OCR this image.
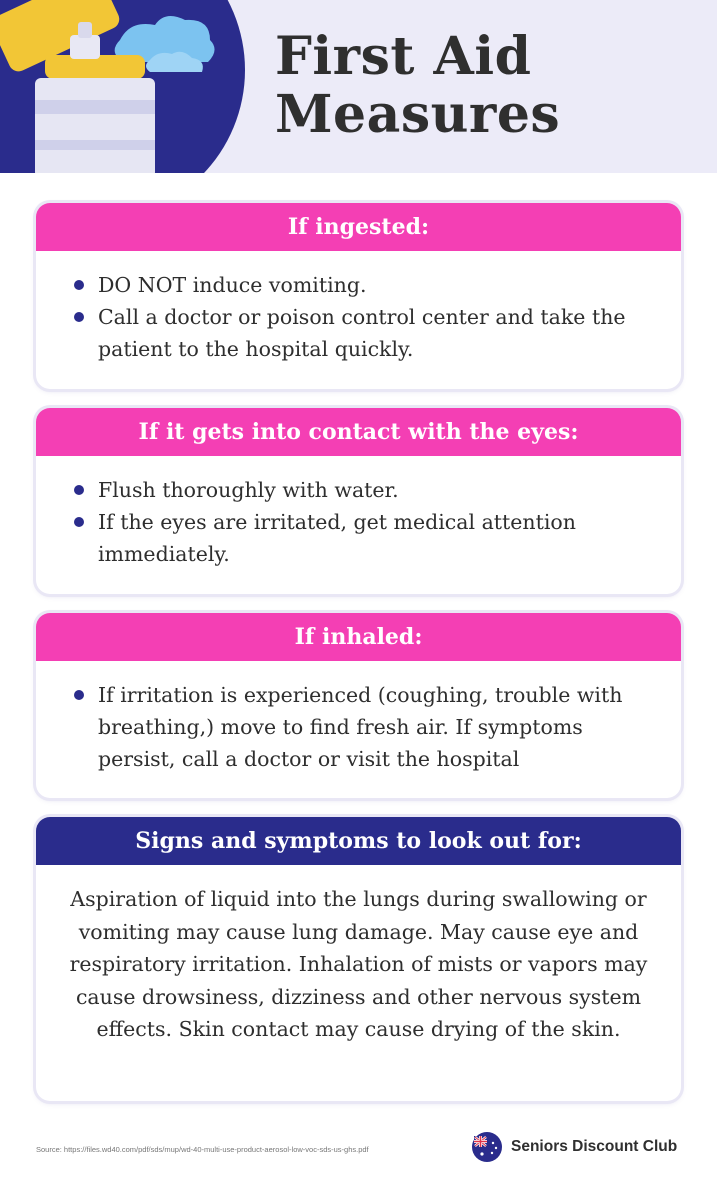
First Aid
Measures
If ingested:
DO NOT induce vomiting.
Call a doctor or poison control center and take the patient to the hospital quickly.
If it gets into contact with the eyes:
Flush thoroughly with water.
If the eyes are irritated, get medical attention immediately.
If inhaled:
If irritation is experienced (coughing, trouble with breathing,) move to find fresh air. If symptoms persist, call a doctor or visit the hospital
Signs and symptoms to look out for:

Aspiration of liquid into the lungs during swallowing or vomiting may cause lung damage. May cause eye and respiratory irritation. Inhalation of mists or vapors may cause drowsiness, dizziness and other nervous system effects. Skin contact may cause drying of the skin.

Source: https://files.wd40.com/pdf/sds/mup/wd-40-multi-use-product-aerosol-low-voc-sds-us-ghs.pdf	Seniors Discount Club
